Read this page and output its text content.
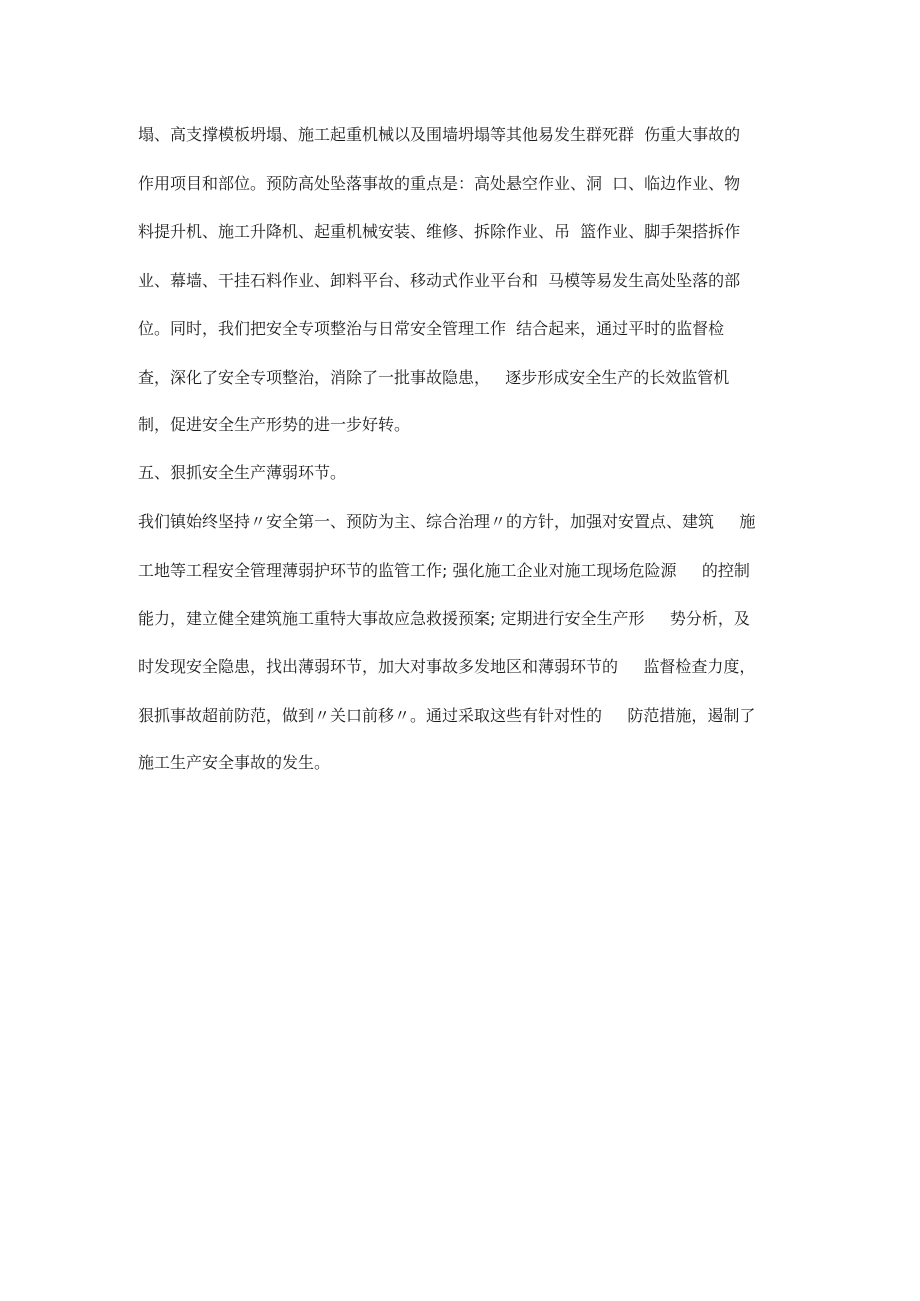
塌、高支撑模板坍塌、施工起重机械以及围墙坍塌等其他易发生群死群  伤重大事故的
作用项目和部位。预防高处坠落事故的重点是：高处悬空作业、洞  口、临边作业、物
料提升机、施工升降机、起重机械安装、维修、拆除作业、吊  篮作业、脚手架搭拆作
业、幕墙、干挂石料作业、卸料平台、移动式作业平台和  马模等易发生高处坠落的部
位。同时，我们把安全专项整治与日常安全管理工作  结合起来，通过平时的监督检
查，深化了安全专项整治，消除了一批事故隐患，   逐步形成安全生产的长效监管机
制，促进安全生产形势的进一步好转。
五、狠抓安全生产薄弱环节。
我们镇始终坚持〃安全第一、预防为主、综合治理〃的方针，加强对安置点、建筑     施
工地等工程安全管理薄弱护环节的监管工作; 强化施工企业对施工现场危险源     的控制
能力，建立健全建筑施工重特大事故应急救援预案; 定期进行安全生产形     势分析，及
时发现安全隐患，找出薄弱环节，加大对事故多发地区和薄弱环节的     监督检查力度，
狠抓事故超前防范，做到〃关口前移〃。通过采取这些有针对性的     防范措施，遏制了
施工生产安全事故的发生。
